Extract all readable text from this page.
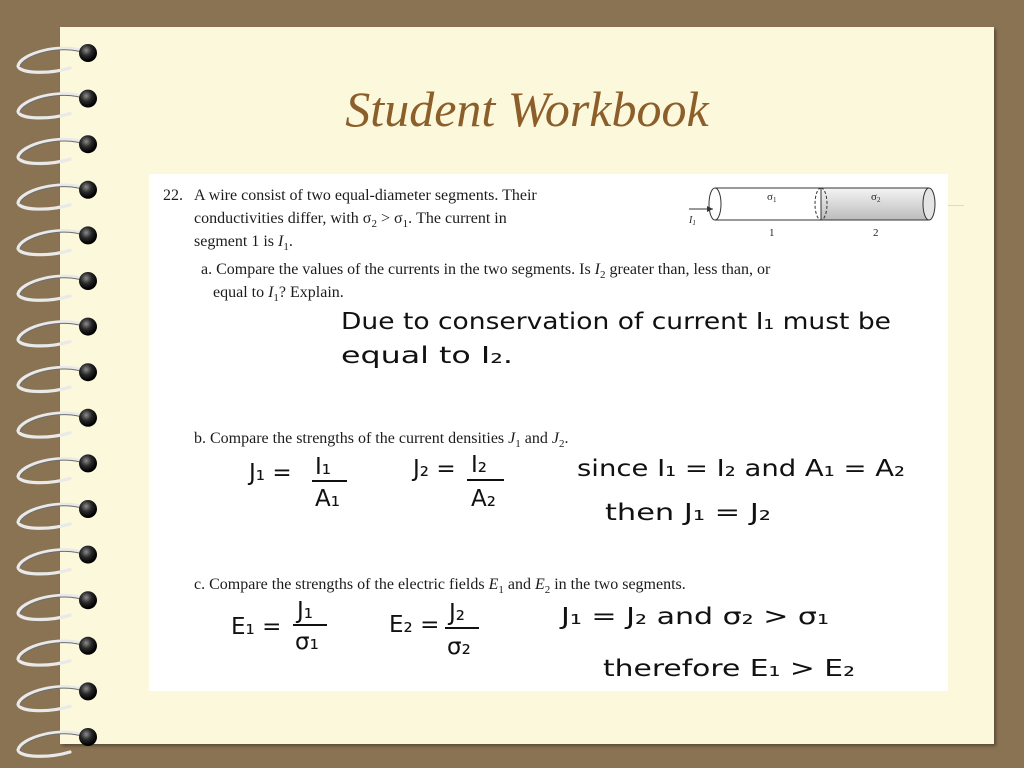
Student Workbook
22. A wire consist of two equal-diameter segments. Their
conductivities differ, with $\sigma_2 > \sigma_1$. The current in
segment 1 is $I_1$.
$I_1$
σ1	σ2
1	2
a. Compare the values of the currents in the two segments. Is $I_2$ greater than, less than, or
equal to $I_1$? Explain.
b. Compare the strengths of the current densities $J_1$ and $J_2$.
c. Compare the strengths of the electric fields $E_1$ and $E_2$ in the two segments.
Due to conservation of current I₁ must be
equal to I₂.
J₁ = I₁
A₁
J₂ = I₂
A₂
since I₁ = I₂ and A₁ = A₂
then J₁ = J₂
E₁ =
J₁
σ₁
E₂ = J₂
σ₂
J₁ = J₂ and σ₂ > σ₁
therefore E₁ > E₂
